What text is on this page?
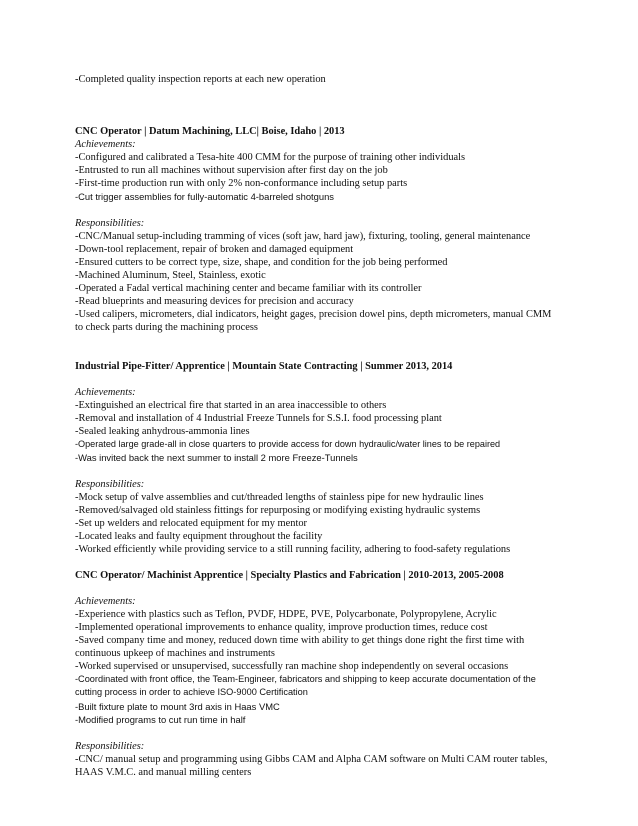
-Completed quality inspection reports at each new operation

CNC Operator | Datum Machining, LLC| Boise, Idaho | 2013

Achievements:

-Configured and calibrated a Tesa-hite 400 CMM for the purpose of training other individuals

-Entrusted to run all machines without supervision after first day on the job

-First-time production run with only 2% non-conformance including setup parts

-Cut trigger assemblies for fully-automatic 4-barreled shotguns

Responsibilities:

-CNC/Manual setup-including tramming of vices (soft jaw, hard jaw), fixturing, tooling, general maintenance

-Down-tool replacement, repair of broken and damaged equipment

-Ensured cutters to be correct type, size, shape, and condition for the job being performed

-Machined Aluminum, Steel, Stainless, exotic

-Operated a Fadal vertical machining center and became familiar with its controller

-Read blueprints and measuring devices for precision and accuracy

-Used calipers, micrometers, dial indicators, height gages, precision dowel pins, depth micrometers, manual CMM to check parts during the machining process

Industrial Pipe-Fitter/ Apprentice | Mountain State Contracting | Summer 2013, 2014

Achievements:

-Extinguished an electrical fire that started in an area inaccessible to others

-Removal and installation of 4 Industrial Freeze Tunnels for S.S.I. food processing plant

-Sealed leaking anhydrous-ammonia lines

-Operated large grade-all in close quarters to provide access for down hydraulic/water lines to be repaired

-Was invited back the next summer to install 2 more Freeze-Tunnels

Responsibilities:

-Mock setup of valve assemblies and cut/threaded lengths of stainless pipe for new hydraulic lines

-Removed/salvaged old stainless fittings for repurposing or modifying existing hydraulic systems

-Set up welders and relocated equipment for my mentor

-Located leaks and faulty equipment throughout the facility

-Worked efficiently while providing service to a still running facility, adhering to food-safety regulations

CNC Operator/ Machinist Apprentice | Specialty Plastics and Fabrication | 2010-2013, 2005-2008

Achievements:

-Experience with plastics such as Teflon, PVDF, HDPE, PVE, Polycarbonate, Polypropylene, Acrylic

-Implemented operational improvements to enhance quality, improve production times, reduce cost

-Saved company time and money, reduced down time with ability to get things done right the first time with continuous upkeep of machines and instruments

-Worked supervised or unsupervised, successfully ran machine shop independently on several occasions

-Coordinated with front office, the Team-Engineer, fabricators and shipping to keep accurate documentation of the cutting process in order to achieve ISO-9000 Certification

-Built fixture plate to mount 3rd axis in Haas VMC

-Modified programs to cut run time in half

Responsibilities:

-CNC/ manual setup and programming using Gibbs CAM and Alpha CAM software on Multi CAM router tables, HAAS V.M.C. and manual milling centers
